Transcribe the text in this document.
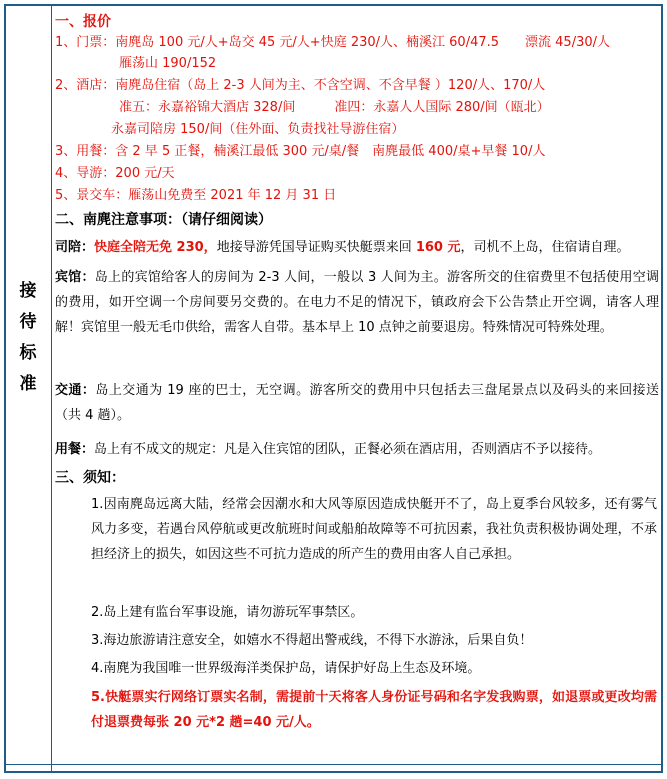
接
待
标
准
一、报价
1、门票：南麂岛 100 元/人+岛交 45 元/人+快庭 230/人、楠溪江 60/47.5　　漂流 45/30/人
雁荡山 190/152
2、酒店：南麂岛住宿（岛上 2-3 人间为主、不含空调、不含早餐 ）120/人、170/人
准五：永嘉裕锦大酒店 328/间　　　准四：永嘉人人国际 280/间（瓯北）
永嘉司陪房 150/间（住外面、负责找社导游住宿）
3、用餐：含 2 早 5 正餐，楠溪江最低 300 元/桌/餐　南麂最低 400/桌+早餐 10/人
4、导游：200 元/天
5、景交车：雁荡山免费至 2021 年 12 月 31 日
二、南麂注意事项：（请仔细阅读）
司陪：快庭全陪无免 230，地接导游凭国导证购买快艇票来回 160 元，司机不上岛，住宿请自理。
宾馆：岛上的宾馆给客人的房间为 2-3 人间，一般以 3 人间为主。游客所交的住宿费里不包括使用空调的费用，如开空调一个房间要另交费的。在电力不足的情况下，镇政府会下公告禁止开空调，请客人理解！宾馆里一般无毛巾供给，需客人自带。基本早上 10 点钟之前要退房。特殊情况可特殊处理。
交通：岛上交通为 19 座的巴士，无空调。游客所交的费用中只包括去三盘尾景点以及码头的来回接送（共 4 趟）。
用餐：岛上有不成文的规定：凡是入住宾馆的团队，正餐必须在酒店用，否则酒店不予以接待。
三、须知：
1.因南麂岛远离大陆，经常会因潮水和大风等原因造成快艇开不了，岛上夏季台风较多，还有雾气风力多变，若遇台风停航或更改航班时间或船舶故障等不可抗因素，我社负责积极协调处理，不承担经济上的损失，如因这些不可抗力造成的所产生的费用由客人自己承担。
2.岛上建有监台军事设施，请勿游玩军事禁区。
3.海边旅游请注意安全，如嬉水不得超出警戒线，不得下水游泳，后果自负！
4.南麂为我国唯一世界级海洋类保护岛，请保护好岛上生态及环境。
5.快艇票实行网络订票实名制，需提前十天将客人身份证号码和名字发我购票，如退票或更改均需付退票费每张 20 元*2 趟=40 元/人。
